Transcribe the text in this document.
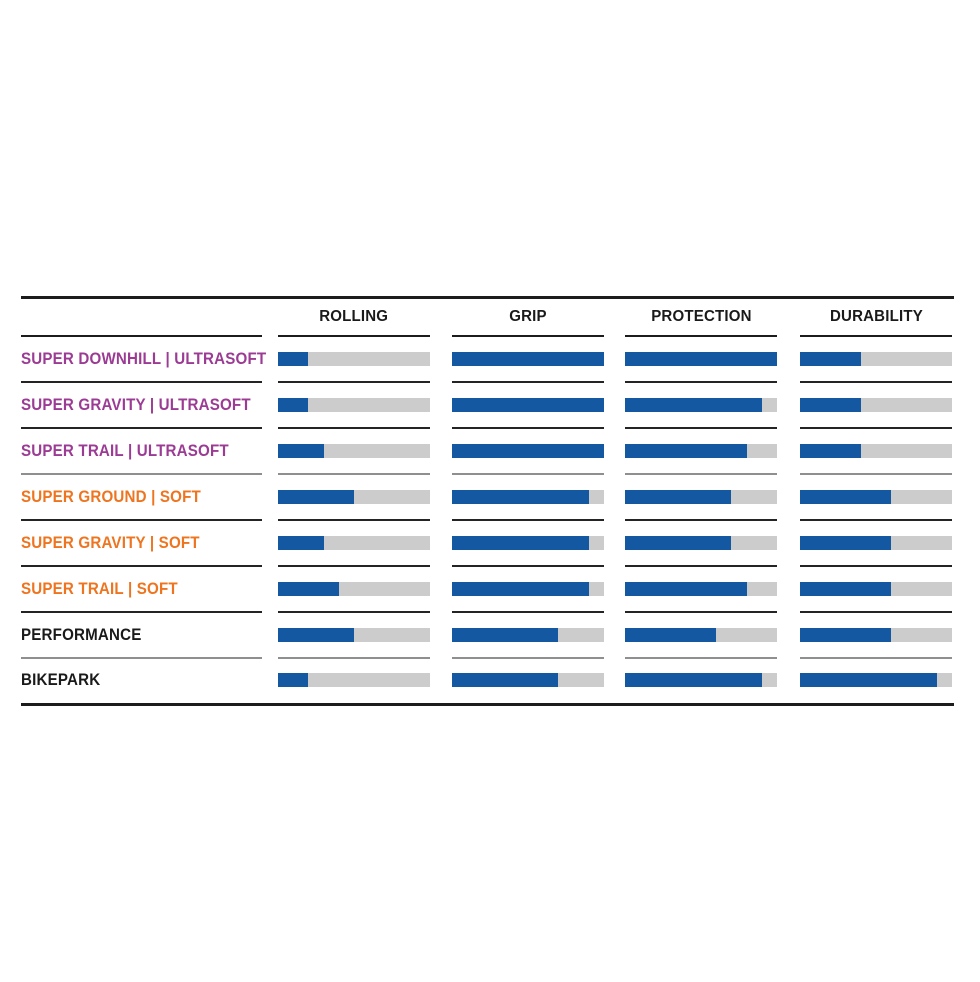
ROLLING	GRIP	PROTECTION	DURABILITY
SUPER DOWNHILL | ULTRASOFT
SUPER GRAVITY | ULTRASOFT
SUPER TRAIL | ULTRASOFT
SUPER GROUND | SOFT
SUPER GRAVITY | SOFT
SUPER TRAIL | SOFT
PERFORMANCE
BIKEPARK
